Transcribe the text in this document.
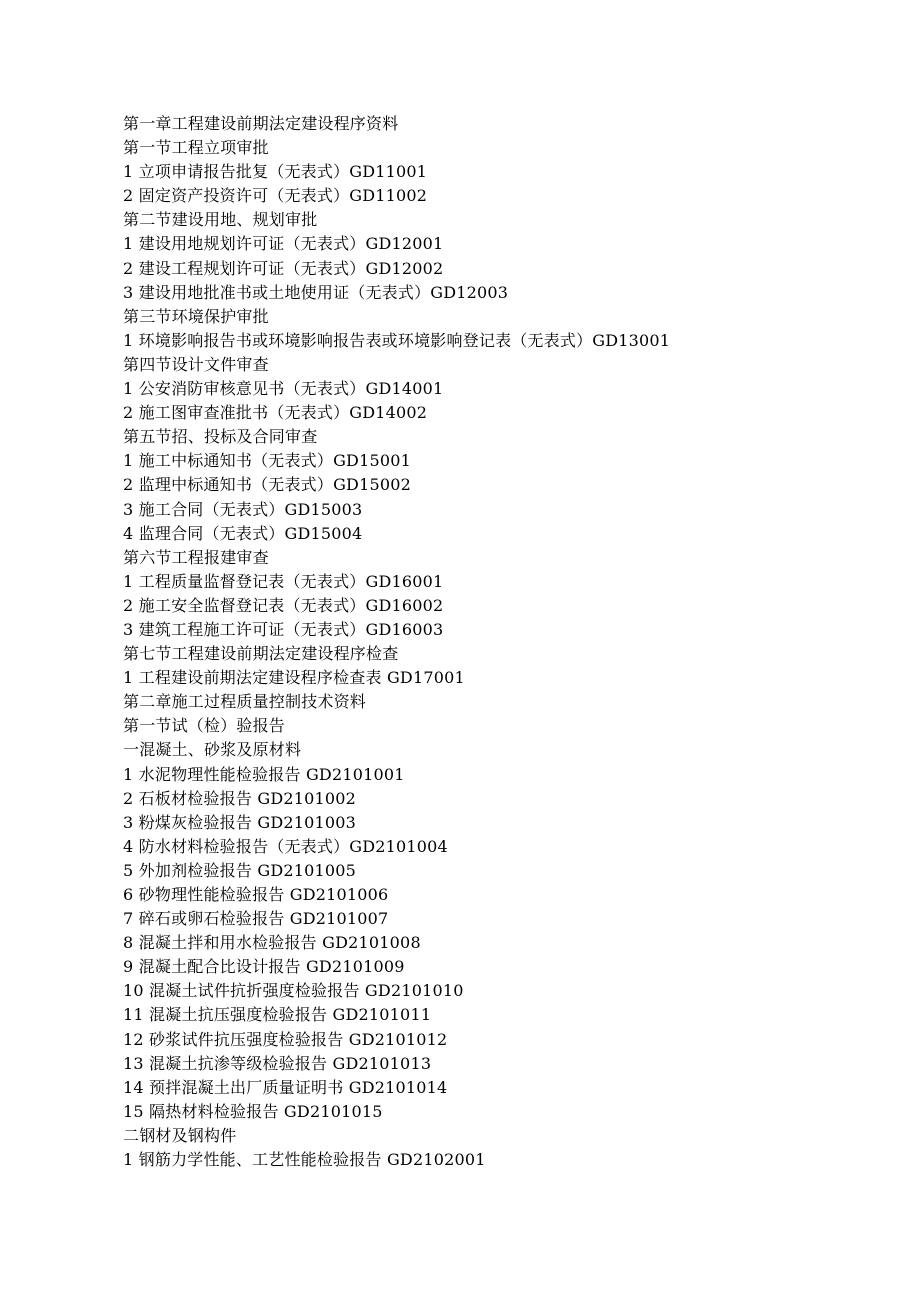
第一章工程建设前期法定建设程序资料
第一节工程立项审批
1 立项申请报告批复（无表式）GD11001
2 固定资产投资许可（无表式）GD11002
第二节建设用地、规划审批
1 建设用地规划许可证（无表式）GD12001
2 建设工程规划许可证（无表式）GD12002
3 建设用地批准书或土地使用证（无表式）GD12003
第三节环境保护审批
1 环境影响报告书或环境影响报告表或环境影响登记表（无表式）GD13001
第四节设计文件审查
1 公安消防审核意见书（无表式）GD14001
2 施工图审查准批书（无表式）GD14002
第五节招、投标及合同审查
1 施工中标通知书（无表式）GD15001
2 监理中标通知书（无表式）GD15002
3 施工合同（无表式）GD15003
4 监理合同（无表式）GD15004
第六节工程报建审查
1 工程质量监督登记表（无表式）GD16001
2 施工安全监督登记表（无表式）GD16002
3 建筑工程施工许可证（无表式）GD16003
第七节工程建设前期法定建设程序检查
1 工程建设前期法定建设程序检查表 GD17001
第二章施工过程质量控制技术资料
第一节试（检）验报告
一混凝土、砂浆及原材料
1 水泥物理性能检验报告 GD2101001
2 石板材检验报告 GD2101002
3 粉煤灰检验报告 GD2101003
4 防水材料检验报告（无表式）GD2101004
5 外加剂检验报告 GD2101005
6 砂物理性能检验报告 GD2101006
7 碎石或卵石检验报告 GD2101007
8 混凝土拌和用水检验报告 GD2101008
9 混凝土配合比设计报告 GD2101009
10 混凝土试件抗折强度检验报告 GD2101010
11 混凝土抗压强度检验报告 GD2101011
12 砂浆试件抗压强度检验报告 GD2101012
13 混凝土抗渗等级检验报告 GD2101013
14 预拌混凝土出厂质量证明书 GD2101014
15 隔热材料检验报告 GD2101015
二钢材及钢构件
1 钢筋力学性能、工艺性能检验报告 GD2102001
